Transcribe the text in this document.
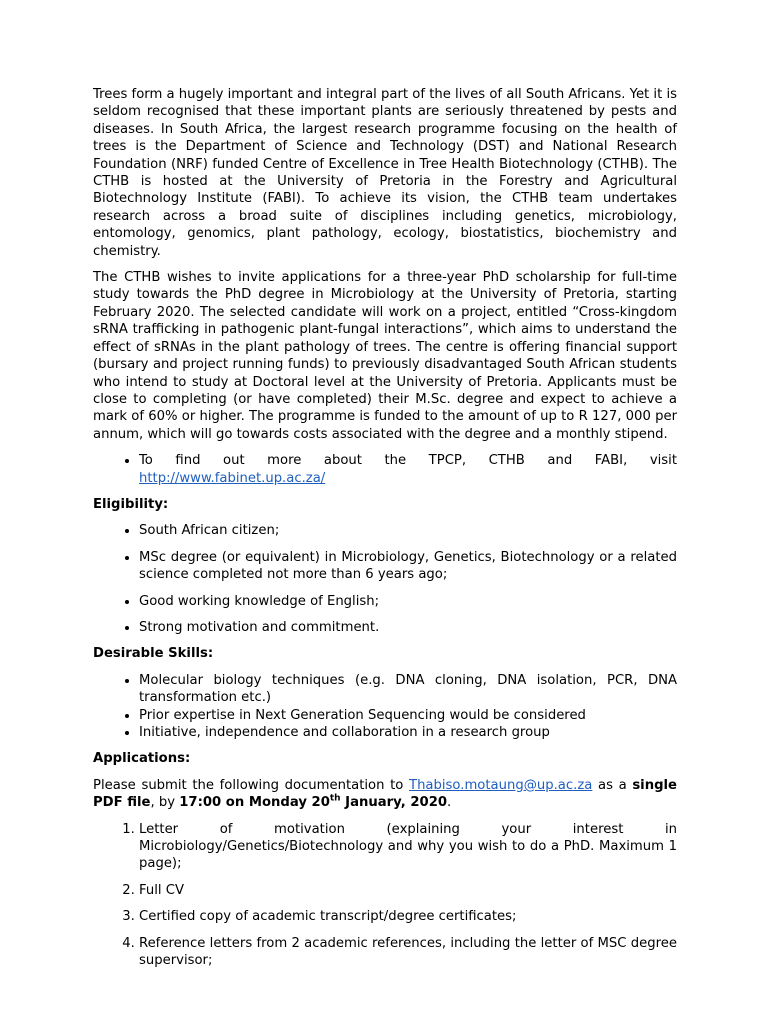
Trees form a hugely important and integral part of the lives of all South Africans. Yet it is seldom recognised that these important plants are seriously threatened by pests and diseases. In South Africa, the largest research programme focusing on the health of trees is the Department of Science and Technology (DST) and National Research Foundation (NRF) funded Centre of Excellence in Tree Health Biotechnology (CTHB). The CTHB is hosted at the University of Pretoria in the Forestry and Agricultural Biotechnology Institute (FABI). To achieve its vision, the CTHB team undertakes research across a broad suite of disciplines including genetics, microbiology, entomology, genomics, plant pathology, ecology, biostatistics, biochemistry and chemistry.

The CTHB wishes to invite applications for a three-year PhD scholarship for full-time study towards the PhD degree in Microbiology at the University of Pretoria, starting February 2020. The selected candidate will work on a project, entitled “Cross-kingdom sRNA trafficking in pathogenic plant-fungal interactions”, which aims to understand the effect of sRNAs in the plant pathology of trees. The centre is offering financial support (bursary and project running funds) to previously disadvantaged South African students who intend to study at Doctoral level at the University of Pretoria. Applicants must be close to completing (or have completed) their M.Sc. degree and expect to achieve a mark of 60% or higher. The programme is funded to the amount of up to R 127, 000 per annum, which will go towards costs associated with the degree and a monthly stipend.

• To find out more about the TPCP, CTHB and FABI, visit http://www.fabinet.up.ac.za/
Eligibility:
• South African citizen;
• MSc degree (or equivalent) in Microbiology, Genetics, Biotechnology or a related science completed not more than 6 years ago;
• Good working knowledge of English;
• Strong motivation and commitment.
Desirable Skills:
• Molecular biology techniques (e.g. DNA cloning, DNA isolation, PCR, DNA transformation etc.)
• Prior expertise in Next Generation Sequencing would be considered
• Initiative, independence and collaboration in a research group
Applications:

Please submit the following documentation to Thabiso.motaung@up.ac.za as a single PDF file, by 17:00 on Monday 20th January, 2020.

1. Letter of motivation (explaining your interest in Microbiology/Genetics/Biotechnology and why you wish to do a PhD. Maximum 1 page);
2. Full CV
3. Certified copy of academic transcript/degree certificates;
4. Reference letters from 2 academic references, including the letter of MSC degree supervisor;
